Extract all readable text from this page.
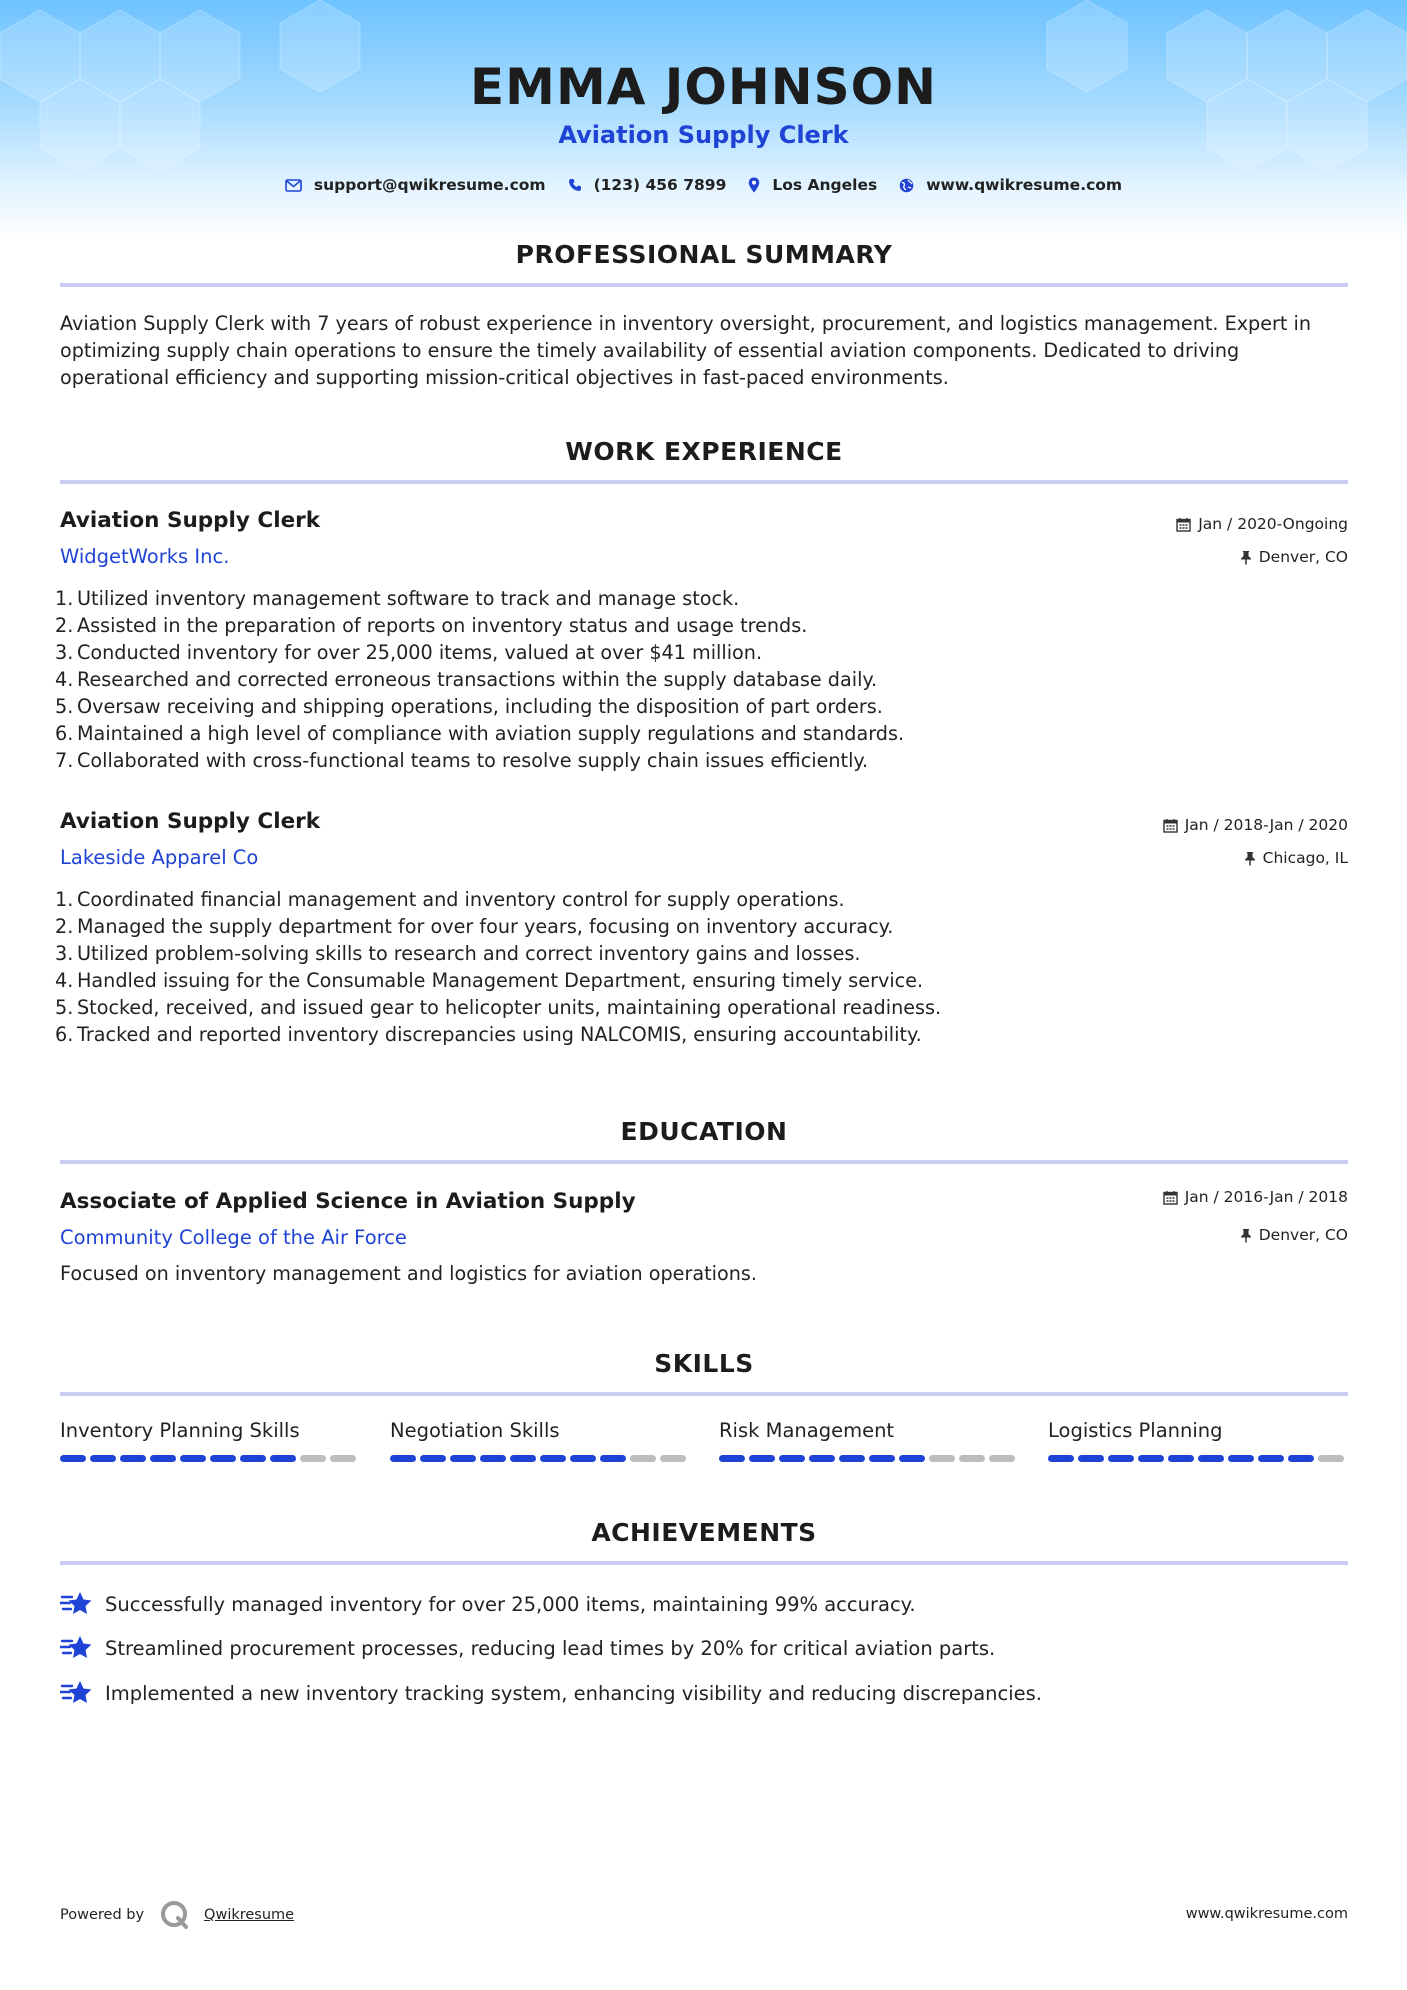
EMMA JOHNSON
Aviation Supply Clerk
support@qwikresume.com	(123) 456 7899	Los Angeles	www.qwikresume.com
PROFESSIONAL SUMMARY
Aviation Supply Clerk with 7 years of robust experience in inventory oversight, procurement, and logistics management. Expert in optimizing supply chain operations to ensure the timely availability of essential aviation components. Dedicated to driving operational efficiency and supporting mission-critical objectives in fast-paced environments.
WORK EXPERIENCE
Aviation Supply Clerk
WidgetWorks Inc.
Jan / 2020-Ongoing
Denver, CO
1. Utilized inventory management software to track and manage stock.
2. Assisted in the preparation of reports on inventory status and usage trends.
3. Conducted inventory for over 25,000 items, valued at over $41 million.
4. Researched and corrected erroneous transactions within the supply database daily.
5. Oversaw receiving and shipping operations, including the disposition of part orders.
6. Maintained a high level of compliance with aviation supply regulations and standards.
7. Collaborated with cross-functional teams to resolve supply chain issues efficiently.
Aviation Supply Clerk
Lakeside Apparel Co
Jan / 2018-Jan / 2020
Chicago, IL
1. Coordinated financial management and inventory control for supply operations.
2. Managed the supply department for over four years, focusing on inventory accuracy.
3. Utilized problem-solving skills to research and correct inventory gains and losses.
4. Handled issuing for the Consumable Management Department, ensuring timely service.
5. Stocked, received, and issued gear to helicopter units, maintaining operational readiness.
6. Tracked and reported inventory discrepancies using NALCOMIS, ensuring accountability.
EDUCATION
Associate of Applied Science in Aviation Supply
Community College of the Air Force
Jan / 2016-Jan / 2018
Denver, CO
Focused on inventory management and logistics for aviation operations.
SKILLS
Inventory Planning Skills	Negotiation Skills	Risk Management	Logistics Planning
ACHIEVEMENTS
Successfully managed inventory for over 25,000 items, maintaining 99% accuracy.
Streamlined procurement processes, reducing lead times by 20% for critical aviation parts.
Implemented a new inventory tracking system, enhancing visibility and reducing discrepancies.
Powered by	Qwikresume	www.qwikresume.com
